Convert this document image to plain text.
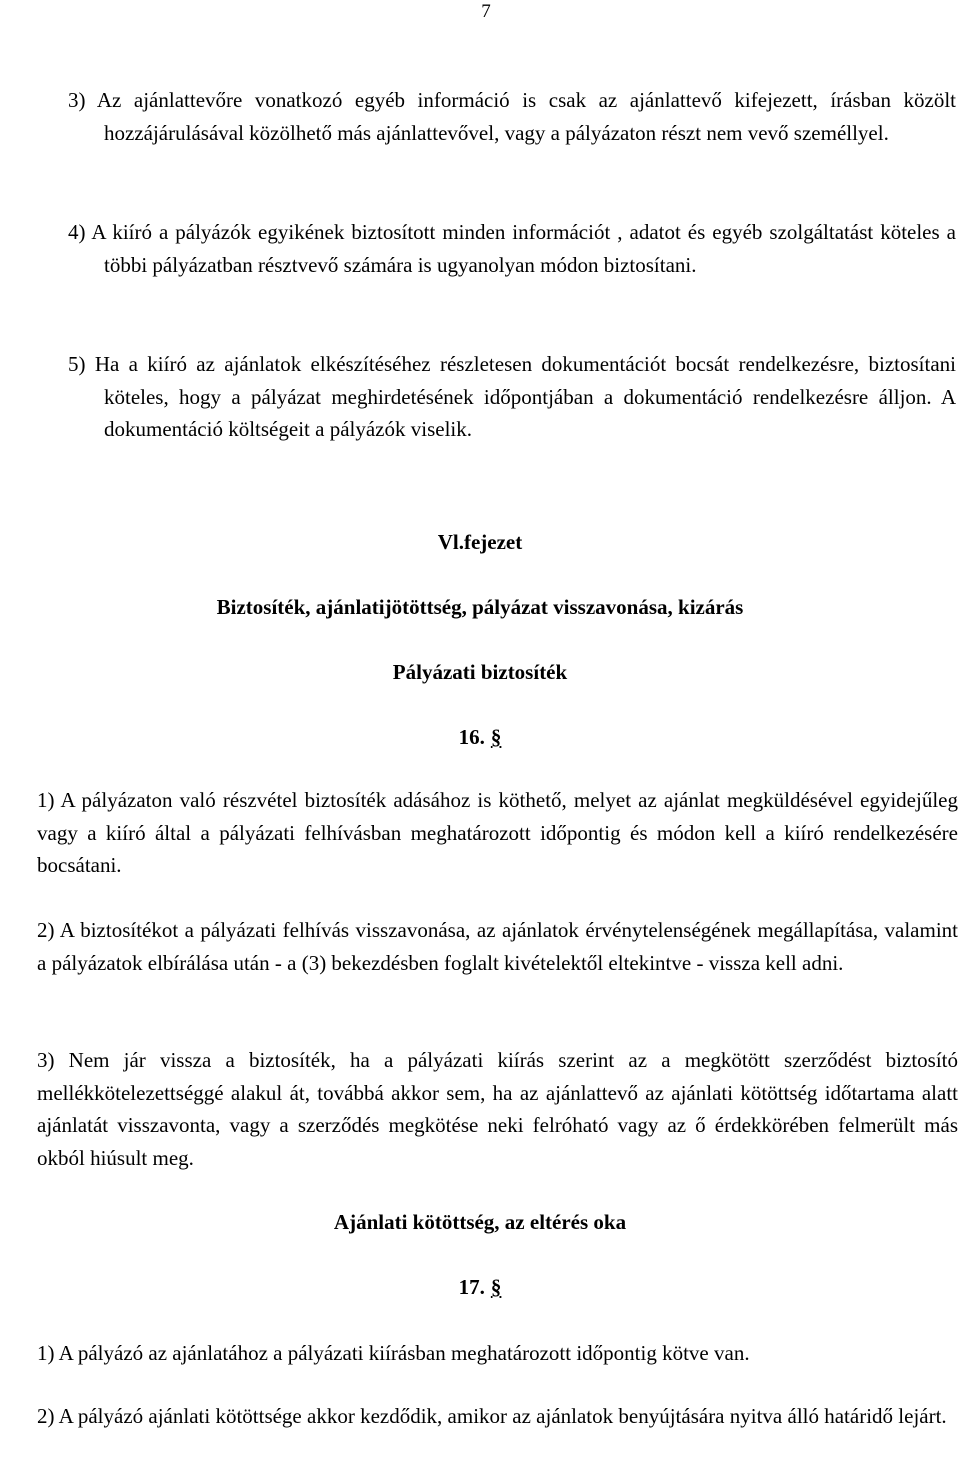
7

3) Az ajánlattevőre vonatkozó egyéb információ is csak az ajánlattevő kifejezett, írásban közölt hozzájárulásával közölhető más ajánlattevővel, vagy a pályázaton részt nem vevő személlyel.

4) A kiíró a pályázók egyikének biztosított minden információt , adatot és egyéb szolgáltatást köteles a többi pályázatban résztvevő számára is ugyanolyan módon biztosítani.

5) Ha a kiíró az ajánlatok elkészítéséhez részletesen dokumentációt bocsát rendelkezésre, biztosítani köteles, hogy a pályázat meghirdetésének időpontjában a dokumentáció rendelkezésre álljon. A dokumentáció költségeit a pályázók viselik.

Vl.fejezet
Biztosíték, ajánlatijötöttség, pályázat visszavonása, kizárás
Pályázati biztosíték
16. §

1) A pályázaton való részvétel biztosíték adásához is köthető, melyet az ajánlat megküldésével egyidejűleg vagy a kiíró által a pályázati felhívásban meghatározott időpontig és módon kell a kiíró rendelkezésére bocsátani.

2) A biztosítékot a pályázati felhívás visszavonása, az ajánlatok érvénytelenségének megállapítása, valamint a pályázatok elbírálása után - a (3) bekezdésben foglalt kivételektől eltekintve - vissza kell adni.

3) Nem jár vissza a biztosíték, ha a pályázati kiírás szerint az a megkötött szerződést biztosító mellékkötelezettséggé alakul át, továbbá akkor sem, ha az ajánlattevő az ajánlati kötöttség időtartama alatt ajánlatát visszavonta, vagy a szerződés megkötése neki felróható vagy az ő érdekkörében felmerült más okból hiúsult meg.

Ajánlati kötöttség, az eltérés oka
17. §

1) A pályázó az ajánlatához a pályázati kiírásban meghatározott időpontig kötve van.

2) A pályázó ajánlati kötöttsége akkor kezdődik, amikor az ajánlatok benyújtására nyitva álló határidő lejárt.
